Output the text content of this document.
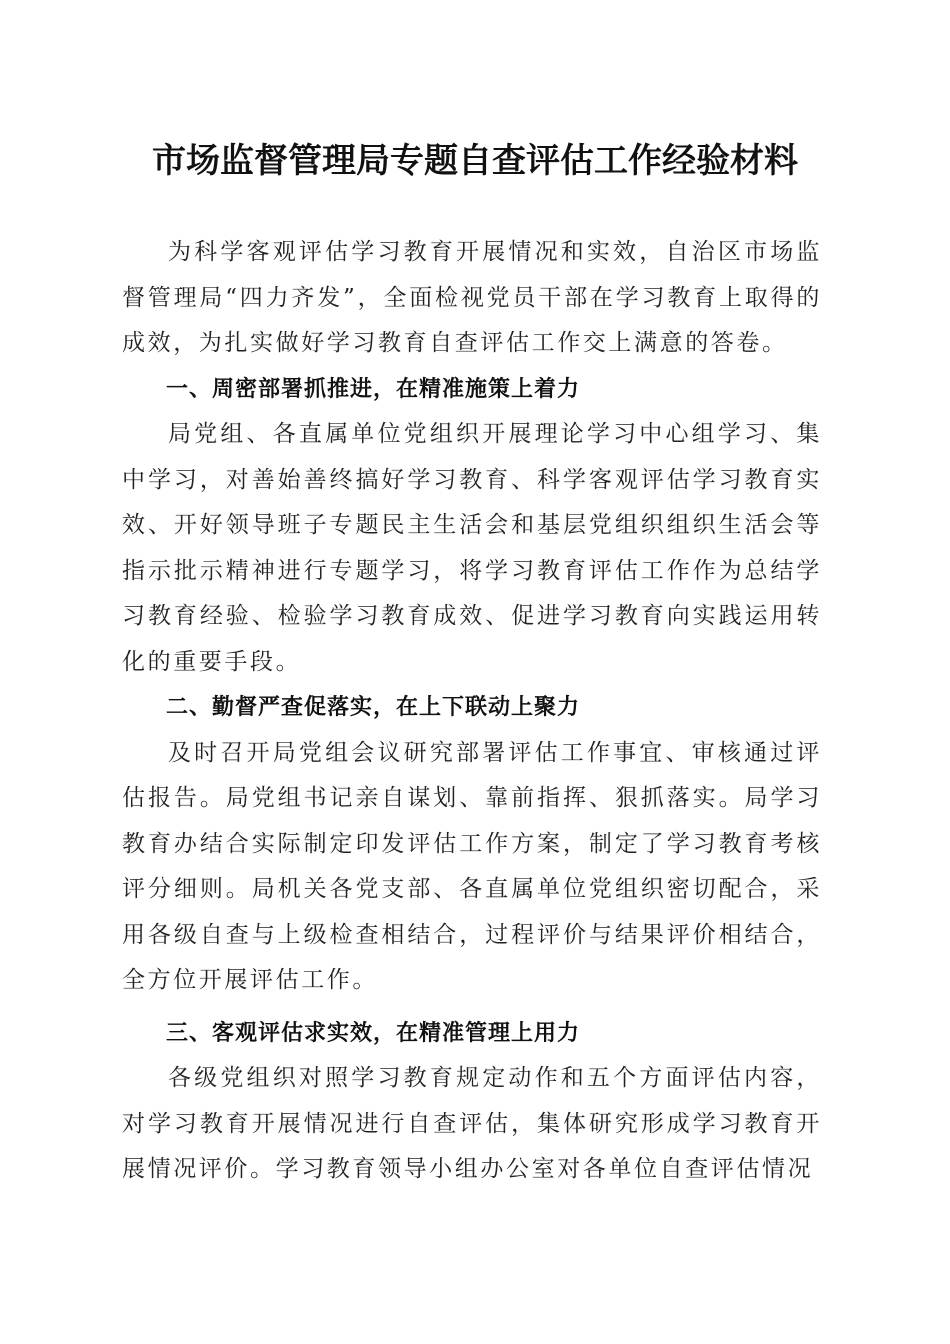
市场监督管理局专题自查评估工作经验材料

为科学客观评估学习教育开展情况和实效，自治区市场监督管理局“四力齐发”，全面检视党员干部在学习教育上取得的成效，为扎实做好学习教育自查评估工作交上满意的答卷。

一、周密部署抓推进，在精准施策上着力

局党组、各直属单位党组织开展理论学习中心组学习、集中学习，对善始善终搞好学习教育、科学客观评估学习教育实效、开好领导班子专题民主生活会和基层党组织组织生活会等指示批示精神进行专题学习，将学习教育评估工作作为总结学习教育经验、检验学习教育成效、促进学习教育向实践运用转化的重要手段。

二、勤督严查促落实，在上下联动上聚力

及时召开局党组会议研究部署评估工作事宜、审核通过评估报告。局党组书记亲自谋划、靠前指挥、狠抓落实。局学习教育办结合实际制定印发评估工作方案，制定了学习教育考核评分细则。局机关各党支部、各直属单位党组织密切配合，采用各级自查与上级检查相结合，过程评价与结果评价相结合，全方位开展评估工作。

三、客观评估求实效，在精准管理上用力

各级党组织对照学习教育规定动作和五个方面评估内容，对学习教育开展情况进行自查评估，集体研究形成学习教育开展情况评价。学习教育领导小组办公室对各单位自查评估情况
